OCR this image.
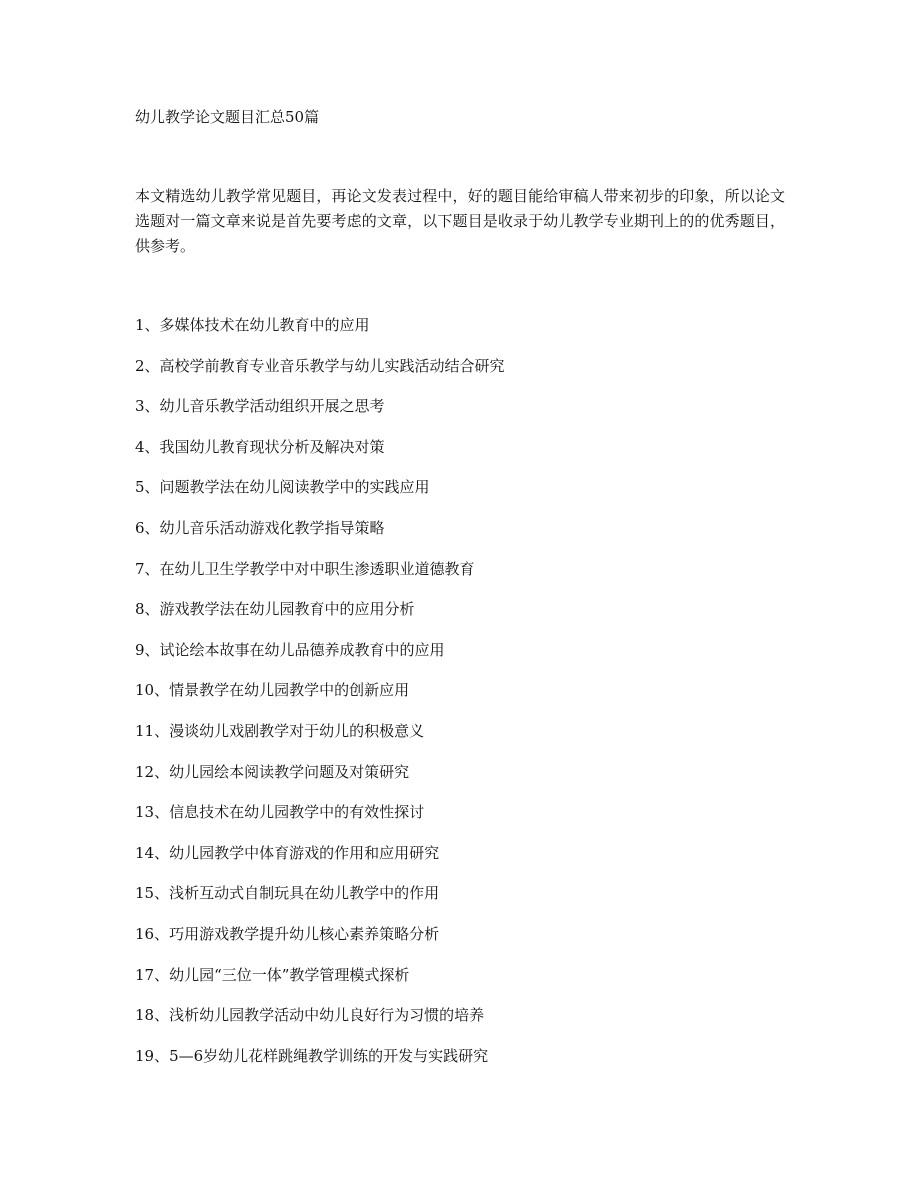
幼儿教学论文题目汇总50篇
本文精选幼儿教学常见题目，再论文发表过程中，好的题目能给审稿人带来初步的印象，所以论文选题对一篇文章来说是首先要考虑的文章，以下题目是收录于幼儿教学专业期刊上的的优秀题目，供参考。
1、多媒体技术在幼儿教育中的应用
2、高校学前教育专业音乐教学与幼儿实践活动结合研究
3、幼儿音乐教学活动组织开展之思考
4、我国幼儿教育现状分析及解决对策
5、问题教学法在幼儿阅读教学中的实践应用
6、幼儿音乐活动游戏化教学指导策略
7、在幼儿卫生学教学中对中职生渗透职业道德教育
8、游戏教学法在幼儿园教育中的应用分析
9、试论绘本故事在幼儿品德养成教育中的应用
10、情景教学在幼儿园教学中的创新应用
11、漫谈幼儿戏剧教学对于幼儿的积极意义
12、幼儿园绘本阅读教学问题及对策研究
13、信息技术在幼儿园教学中的有效性探讨
14、幼儿园教学中体育游戏的作用和应用研究
15、浅析互动式自制玩具在幼儿教学中的作用
16、巧用游戏教学提升幼儿核心素养策略分析
17、幼儿园“三位一体”教学管理模式探析
18、浅析幼儿园教学活动中幼儿良好行为习惯的培养
19、5—6岁幼儿花样跳绳教学训练的开发与实践研究
